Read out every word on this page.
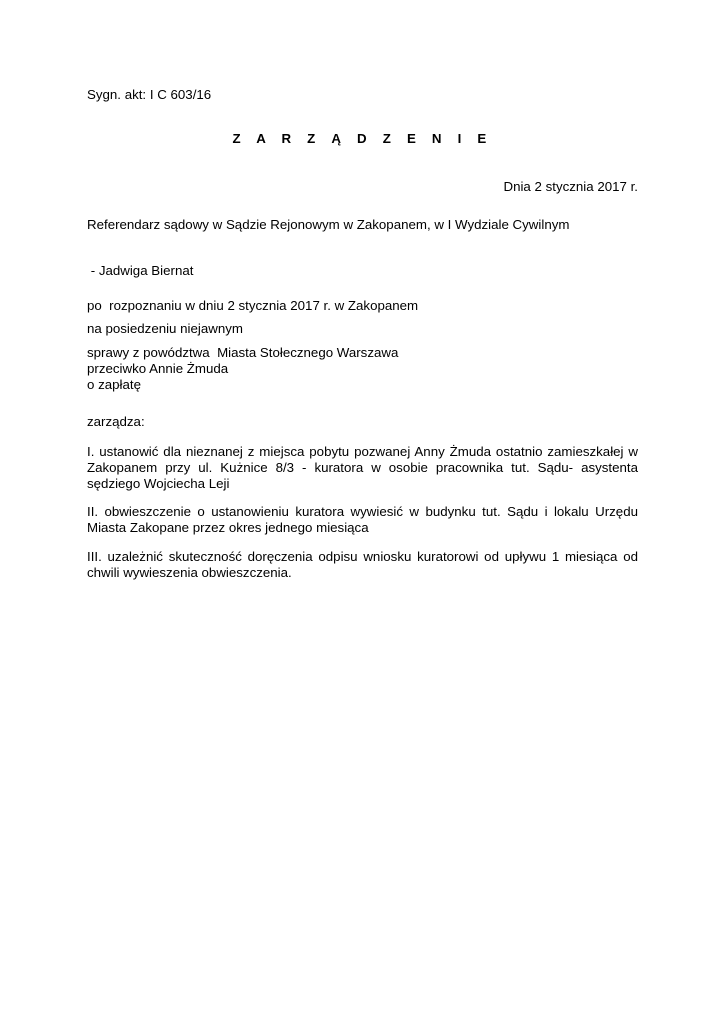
Sygn. akt: I C 603/16
Z A R Z Ą D Z E N I E
Dnia 2 stycznia 2017 r.
Referendarz sądowy w Sądzie Rejonowym w Zakopanem, w I Wydziale Cywilnym
- Jadwiga Biernat
po  rozpoznaniu w dniu 2 stycznia 2017 r. w Zakopanem
na posiedzeniu niejawnym
sprawy z powództwa  Miasta Stołecznego Warszawa
przeciwko Annie Żmuda
o zapłatę
zarządza:
I. ustanowić dla nieznanej z miejsca pobytu pozwanej Anny Żmuda ostatnio zamieszkałej w Zakopanem przy ul. Kużnice 8/3 - kuratora w osobie pracownika tut. Sądu- asystenta sędziego Wojciecha Leji
II. obwieszczenie o ustanowieniu kuratora wywiesić w budynku tut. Sądu i lokalu Urzędu Miasta Zakopane przez okres jednego miesiąca
III. uzależnić skuteczność doręczenia odpisu wniosku kuratorowi od upływu 1 miesiąca od chwili wywieszenia obwieszczenia.
